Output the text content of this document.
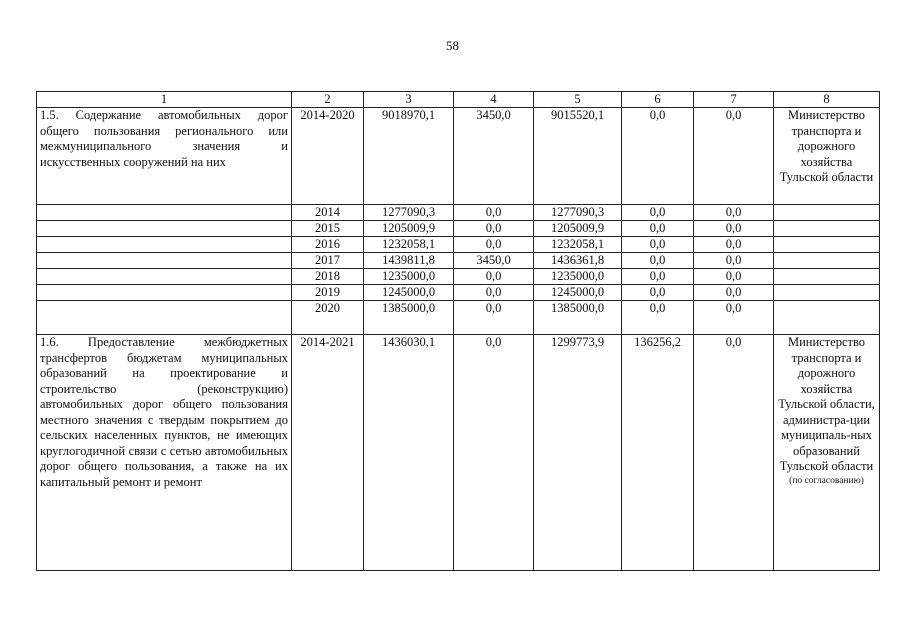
58
1	2	3	4	5	6	7	8
1.5. Содержание автомобильных дорог общего пользования регионального или межмуниципального значения и искусственных сооружений на них	2014-2020	9018970,1	3450,0	9015520,1	0,0	0,0	Министерство транспорта и дорожного хозяйства Тульской области
	2014	1277090,3	0,0	1277090,3	0,0	0,0	
	2015	1205009,9	0,0	1205009,9	0,0	0,0	
	2016	1232058,1	0,0	1232058,1	0,0	0,0	
	2017	1439811,8	3450,0	1436361,8	0,0	0,0	
	2018	1235000,0	0,0	1235000,0	0,0	0,0	
	2019	1245000,0	0,0	1245000,0	0,0	0,0	
	2020	1385000,0	0,0	1385000,0	0,0	0,0	
1.6. Предоставление межбюджетных трансфертов бюджетам муниципальных образований на проектирование и строительство (реконструкцию) автомобильных дорог общего пользования местного значения с твердым покрытием до сельских населенных пунктов, не имеющих круглогодичной связи с сетью автомобильных дорог общего пользования, а также на их капитальный ремонт и ремонт	2014-2021	1436030,1	0,0	1299773,9	136256,2	0,0	Министерство транспорта и дорожного хозяйства Тульской области, администра-ции муниципаль-ных образований Тульской области
(по согласованию)
